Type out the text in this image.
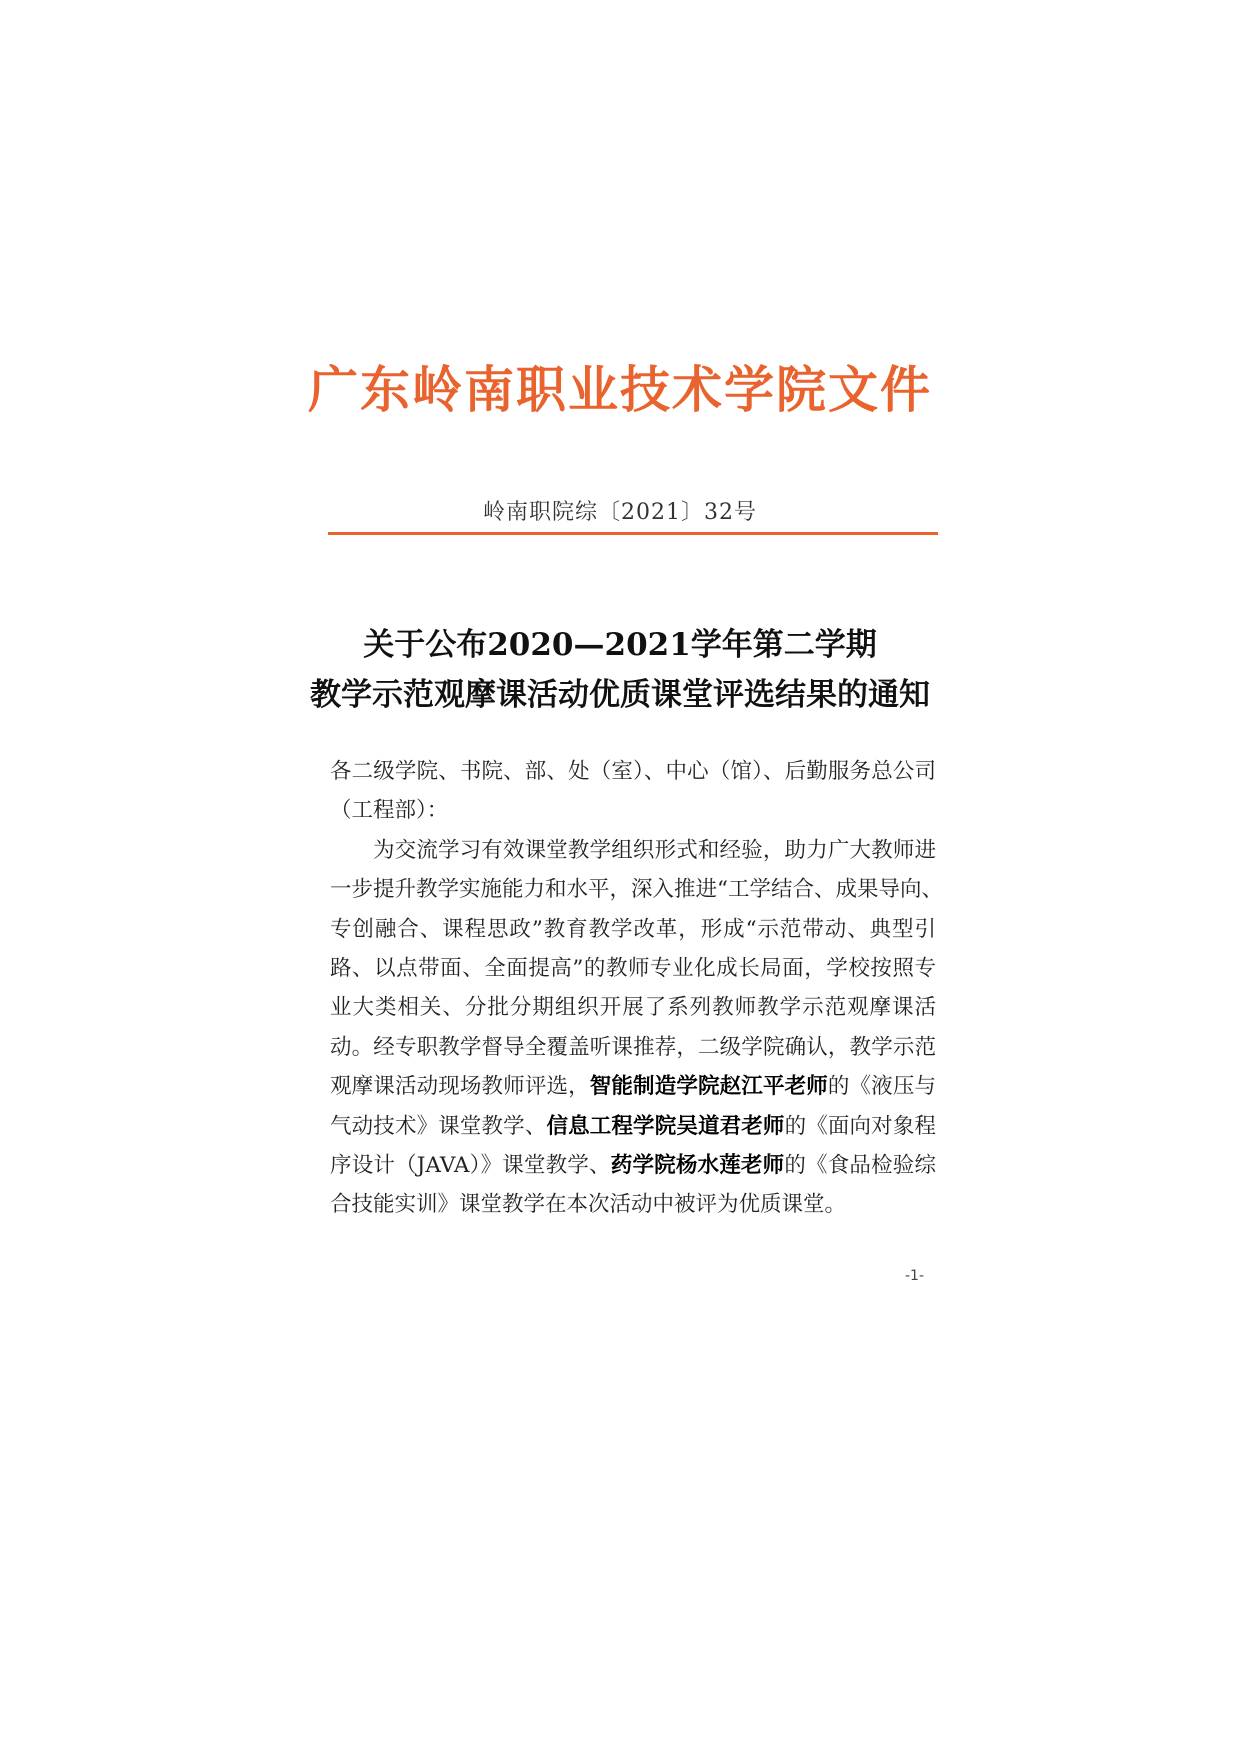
广东岭南职业技术学院文件
岭南职院综〔2021〕32号
关于公布2020—2021学年第二学期
教学示范观摩课活动优质课堂评选结果的通知
各二级学院、书院、部、处（室）、中心（馆）、后勤服务总公司
（工程部）：
为交流学习有效课堂教学组织形式和经验，助力广大教师进
一步提升教学实施能力和水平，深入推进“工学结合、成果导向、
专创融合、课程思政”教育教学改革，形成“示范带动、典型引
路、以点带面、全面提高”的教师专业化成长局面，学校按照专
业大类相关、分批分期组织开展了系列教师教学示范观摩课活
动。经专职教学督导全覆盖听课推荐，二级学院确认，教学示范
观摩课活动现场教师评选，智能制造学院赵江平老师的《液压与
气动技术》课堂教学、信息工程学院吴道君老师的《面向对象程
序设计（JAVA）》课堂教学、药学院杨水莲老师的《食品检验综
合技能实训》课堂教学在本次活动中被评为优质课堂。
-1-
